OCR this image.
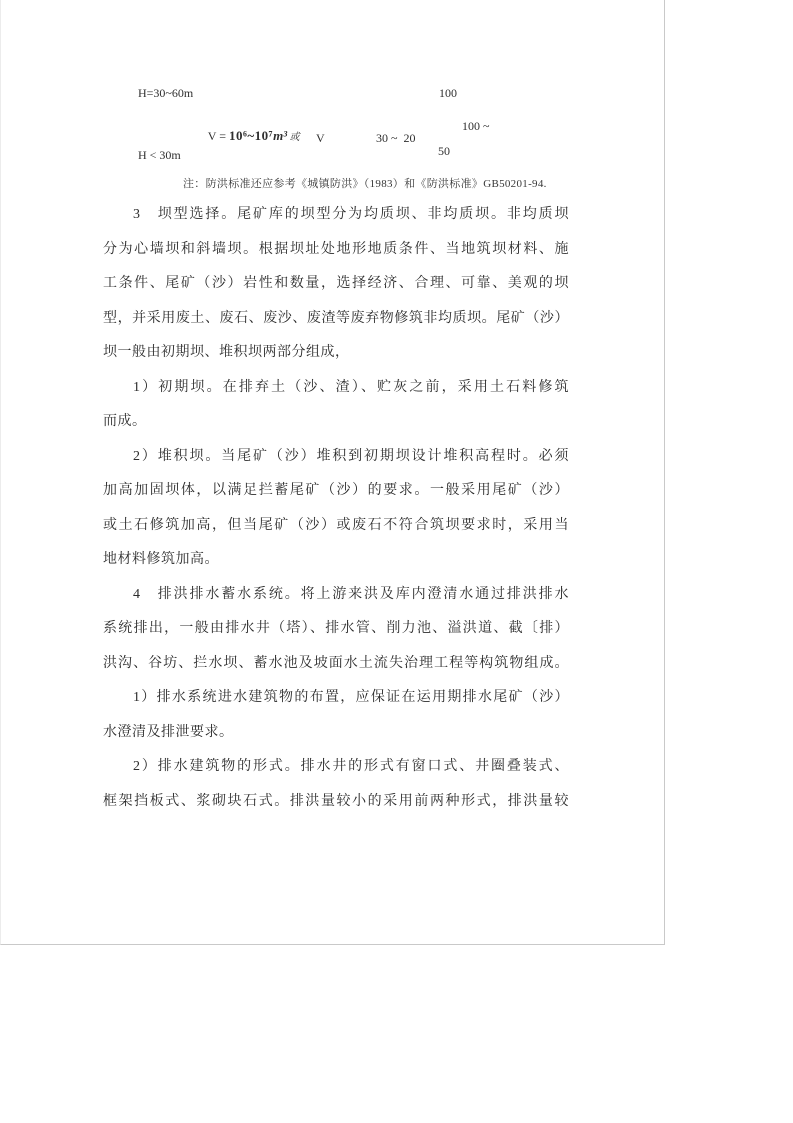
H=30~60m	100

V = 10⁶~10⁷m³ 或

100 ~
V	30 ~  20
H < 30m	50
注：防洪标准还应参考《城镇防洪》（1983）和《防洪标准》GB50201-94.
3　坝型选择。尾矿库的坝型分为均质坝、非均质坝。非均质坝
分为心墙坝和斜墙坝。根据坝址处地形地质条件、当地筑坝材料、施
工条件、尾矿（沙）岩性和数量，选择经济、合理、可靠、美观的坝
型，并采用废土、废石、废沙、废渣等废弃物修筑非均质坝。尾矿（沙）
坝一般由初期坝、堆积坝两部分组成，
1）初期坝。在排弃土（沙、渣）、贮灰之前，采用土石料修筑
而成。
2）堆积坝。当尾矿（沙）堆积到初期坝设计堆积高程时。必须
加高加固坝体，以满足拦蓄尾矿（沙）的要求。一般采用尾矿（沙）
或土石修筑加高，但当尾矿（沙）或废石不符合筑坝要求时，采用当
地材料修筑加高。
4　排洪排水蓄水系统。将上游来洪及库内澄清水通过排洪排水
系统排出，一般由排水井（塔）、排水管、削力池、溢洪道、截〔排）
洪沟、谷坊、拦水坝、蓄水池及坡面水土流失治理工程等构筑物组成。
1）排水系统进水建筑物的布置，应保证在运用期排水尾矿（沙）
水澄清及排泄要求。
2）排水建筑物的形式。排水井的形式有窗口式、井圈叠装式、
框架挡板式、浆砌块石式。排洪量较小的采用前两种形式，排洪量较
